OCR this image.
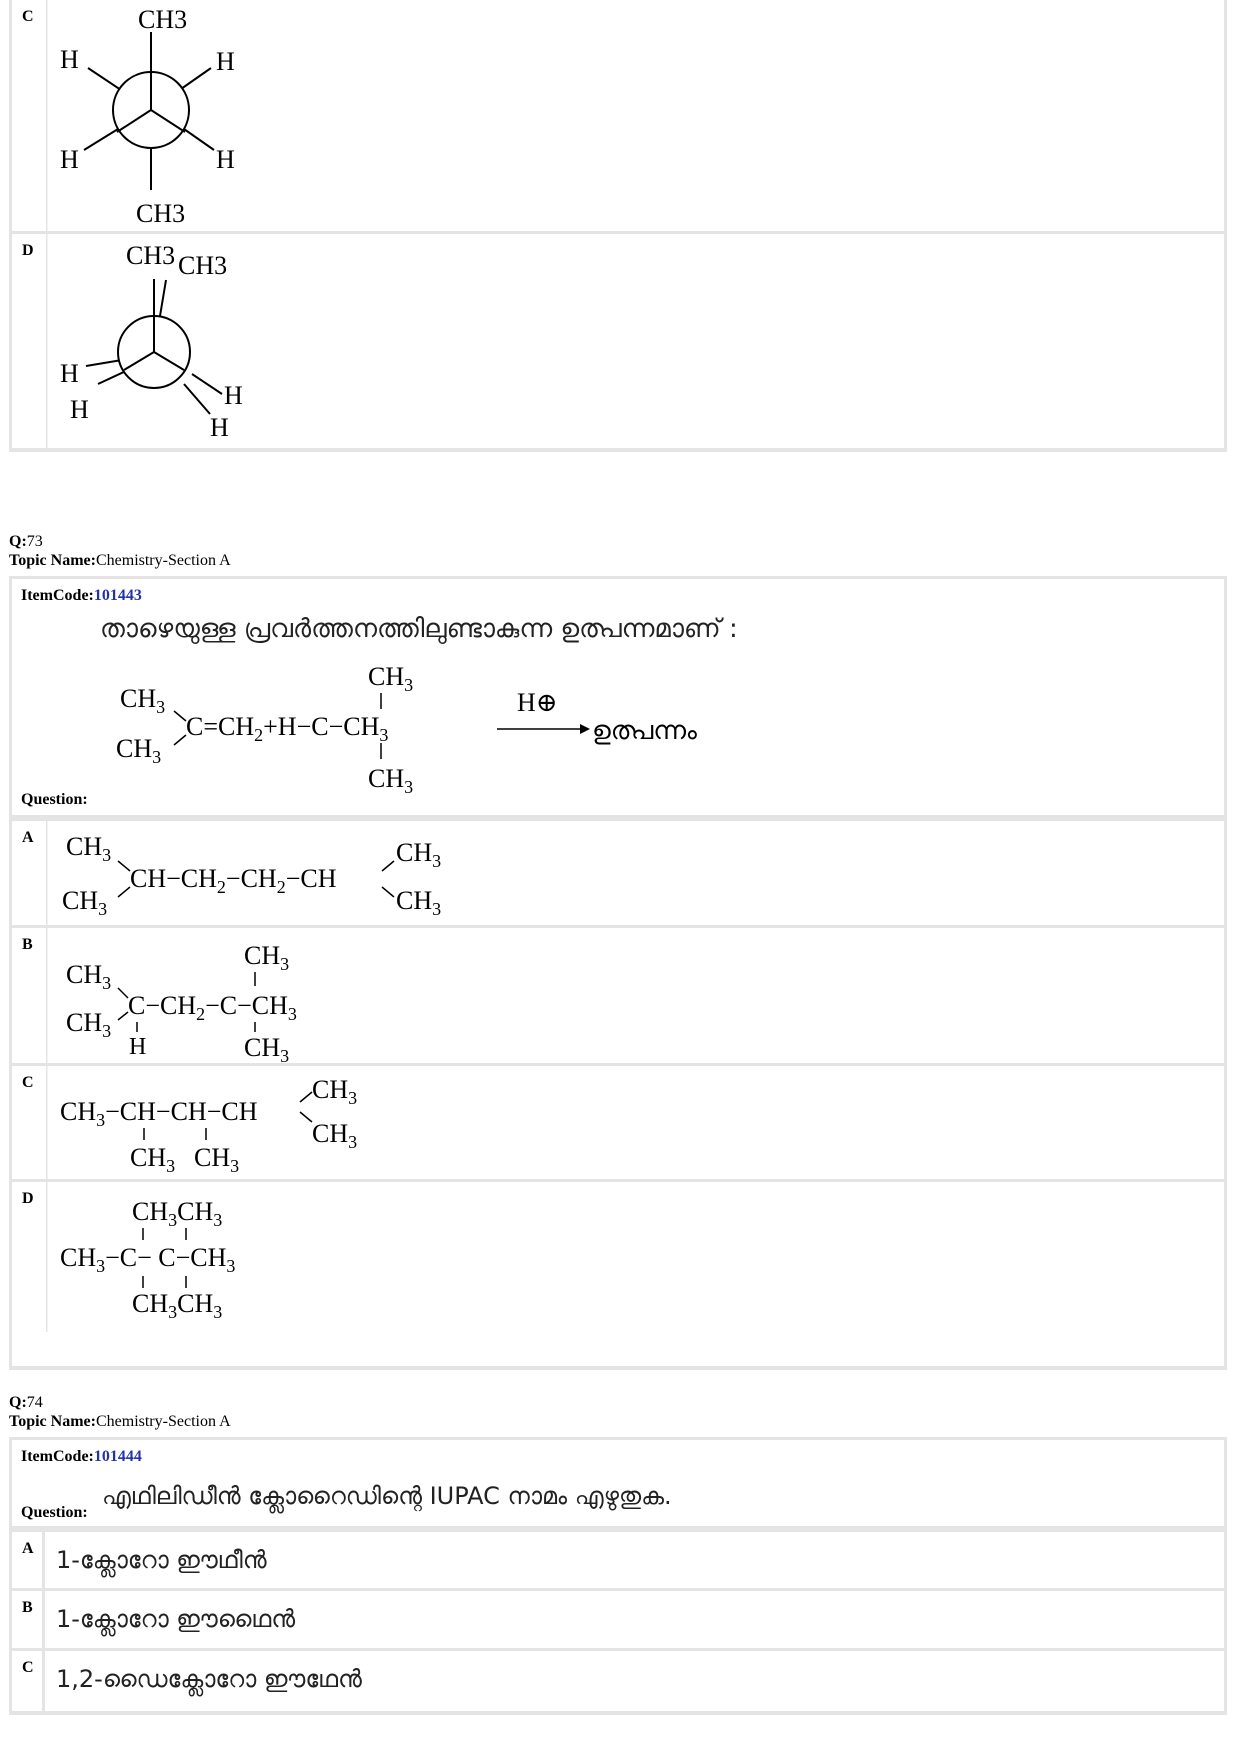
C	CH3
H	H
H	H
CH3
D	CH3 CH3
H
H	H
H
Q:73
Topic Name:Chemistry-Section A
ItemCode:101443
താഴെയുള്ള പ്രവർത്തനത്തിലുണ്ടാകുന്ന ഉത്പന്നമാണ് :
$CH_3$
$CH_3$
$C=CH_2+H-C-CH_3$
$CH_3$
$CH_3$
H⊕
ഉത്പന്നം
Question:
A $CH_3$
$CH_3$
$CH-CH_2-CH_2-CH$
$CH_3$
$CH_3$
B
$CH_3$
$CH_3$
$C-CH_2-C-CH_3$
H
$CH_3$
$CH_3$
C
$CH_3-CH-CH-CH$
$CH_3$
$CH_3$
$CH_3$ $CH_3$
D	$CH_3CH_3$
$CH_3-C- C-CH_3$
$CH_3CH_3$
Q:74
Topic Name:Chemistry-Section A
ItemCode:101444
Question:
എഥിലിഡീൻ ക്ലോറൈഡിന്റെ IUPAC നാമം എഴുതുക.
A 1-ക്ലോറോ ഈഥീൻ
B 1-ക്ലോറോ ഈഥൈൻ
C 1,2-ഡൈക്ലോറോ ഈഥേൻ
